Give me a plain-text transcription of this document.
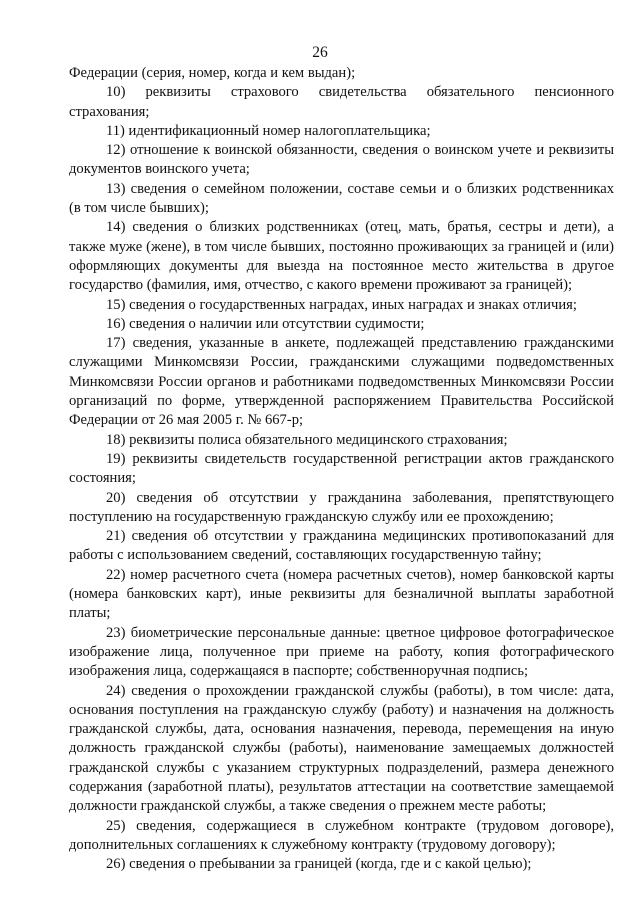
26

Федерации (серия, номер, когда и кем выдан);

10) реквизиты страхового свидетельства обязательного пенсионного страхования;

11) идентификационный номер налогоплательщика;

12) отношение к воинской обязанности, сведения о воинском учете и реквизиты документов воинского учета;

13) сведения о семейном положении, составе семьи и о близких родственниках (в том числе бывших);

14) сведения о близких родственниках (отец, мать, братья, сестры и дети), а также муже (жене), в том числе бывших, постоянно проживающих за границей и (или) оформляющих документы для выезда на постоянное место жительства в другое государство (фамилия, имя, отчество, с какого времени проживают за границей);

15) сведения о государственных наградах, иных наградах и знаках отличия;

16) сведения о наличии или отсутствии судимости;

17) сведения, указанные в анкете, подлежащей представлению гражданскими служащими Минкомсвязи России, гражданскими служащими подведомственных Минкомсвязи России органов и работниками подведомственных Минкомсвязи России организаций по форме, утвержденной распоряжением Правительства Российской Федерации от 26 мая 2005 г. № 667-р;

18) реквизиты полиса обязательного медицинского страхования;

19) реквизиты свидетельств государственной регистрации актов гражданского состояния;

20) сведения об отсутствии у гражданина заболевания, препятствующего поступлению на государственную гражданскую службу или ее прохождению;

21) сведения об отсутствии у гражданина медицинских противопоказаний для работы с использованием сведений, составляющих государственную тайну;

22) номер расчетного счета (номера расчетных счетов), номер банковской карты (номера банковских карт), иные реквизиты для безналичной выплаты заработной платы;

23) биометрические персональные данные: цветное цифровое фотографическое изображение лица, полученное при приеме на работу, копия фотографического изображения лица, содержащаяся в паспорте; собственноручная подпись;

24) сведения о прохождении гражданской службы (работы), в том числе: дата, основания поступления на гражданскую службу (работу) и назначения на должность гражданской службы, дата, основания назначения, перевода, перемещения на иную должность гражданской службы (работы), наименование замещаемых должностей гражданской службы с указанием структурных подразделений, размера денежного содержания (заработной платы), результатов аттестации на соответствие замещаемой должности гражданской службы, а также сведения о прежнем месте работы;

25) сведения, содержащиеся в служебном контракте (трудовом договоре), дополнительных соглашениях к служебному контракту (трудовому договору);

26) сведения о пребывании за границей (когда, где и с какой целью);
